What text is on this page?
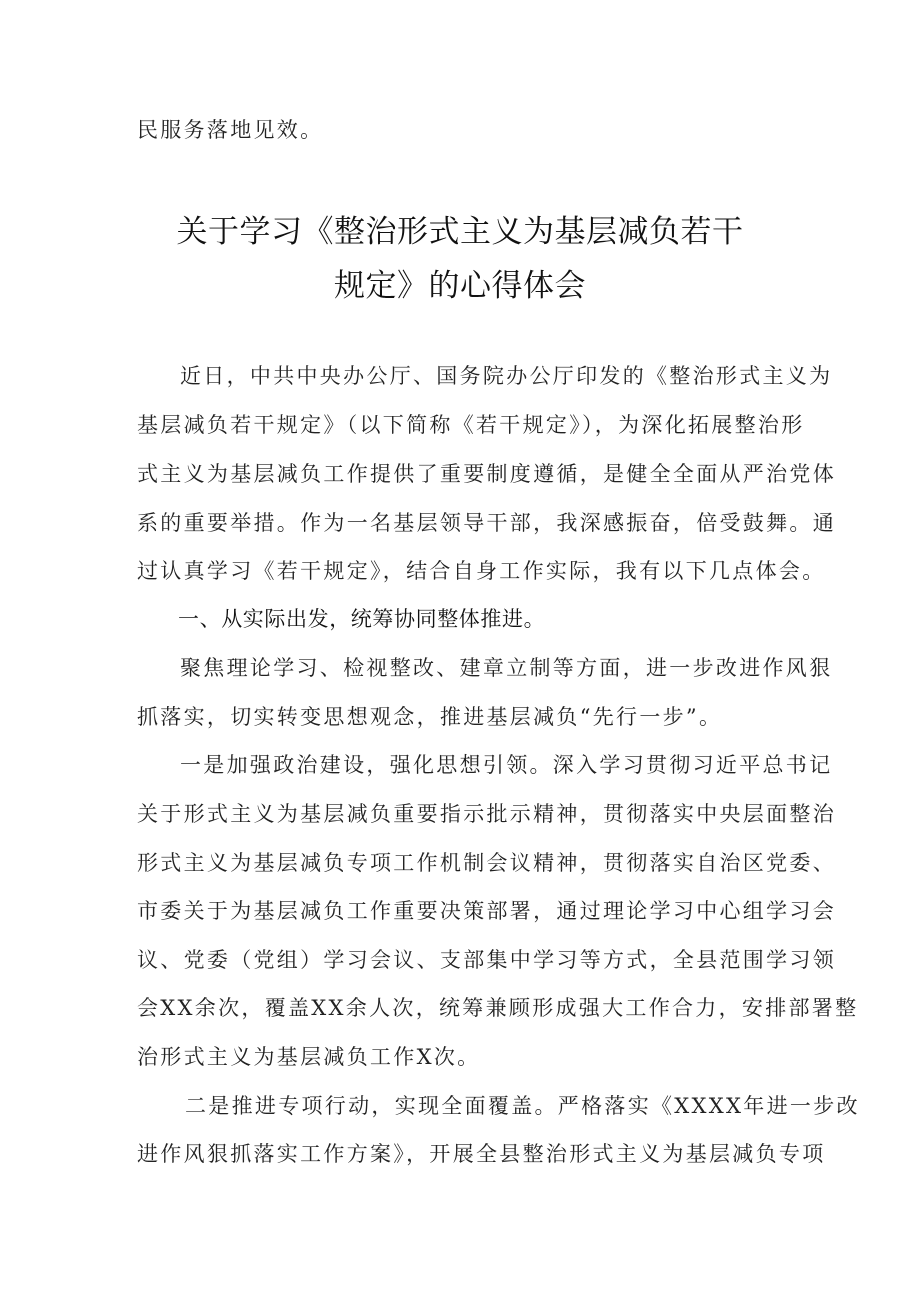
民服务落地见效。
关于学习《整治形式主义为基层减负若干
规定》的心得体会
近日，中共中央办公厅、国务院办公厅印发的《整治形式主义为
基层减负若干规定》（以下简称《若干规定》），为深化拓展整治形
式主义为基层减负工作提供了重要制度遵循，是健全全面从严治党体
系的重要举措。作为一名基层领导干部，我深感振奋，倍受鼓舞。通
过认真学习《若干规定》，结合自身工作实际，我有以下几点体会。
一、从实际出发，统筹协同整体推进。
聚焦理论学习、检视整改、建章立制等方面，进一步改进作风狠
抓落实，切实转变思想观念，推进基层减负“先行一步”。
一是加强政治建设，强化思想引领。深入学习贯彻习近平总书记
关于形式主义为基层减负重要指示批示精神，贯彻落实中央层面整治
形式主义为基层减负专项工作机制会议精神，贯彻落实自治区党委、
市委关于为基层减负工作重要决策部署，通过理论学习中心组学习会
议、党委（党组）学习会议、支部集中学习等方式，全县范围学习领
会XX余次，覆盖XX余人次，统筹兼顾形成强大工作合力，安排部署整
治形式主义为基层减负工作X次。
二是推进专项行动，实现全面覆盖。严格落实《XXXX年进一步改
进作风狠抓落实工作方案》，开展全县整治形式主义为基层减负专项
